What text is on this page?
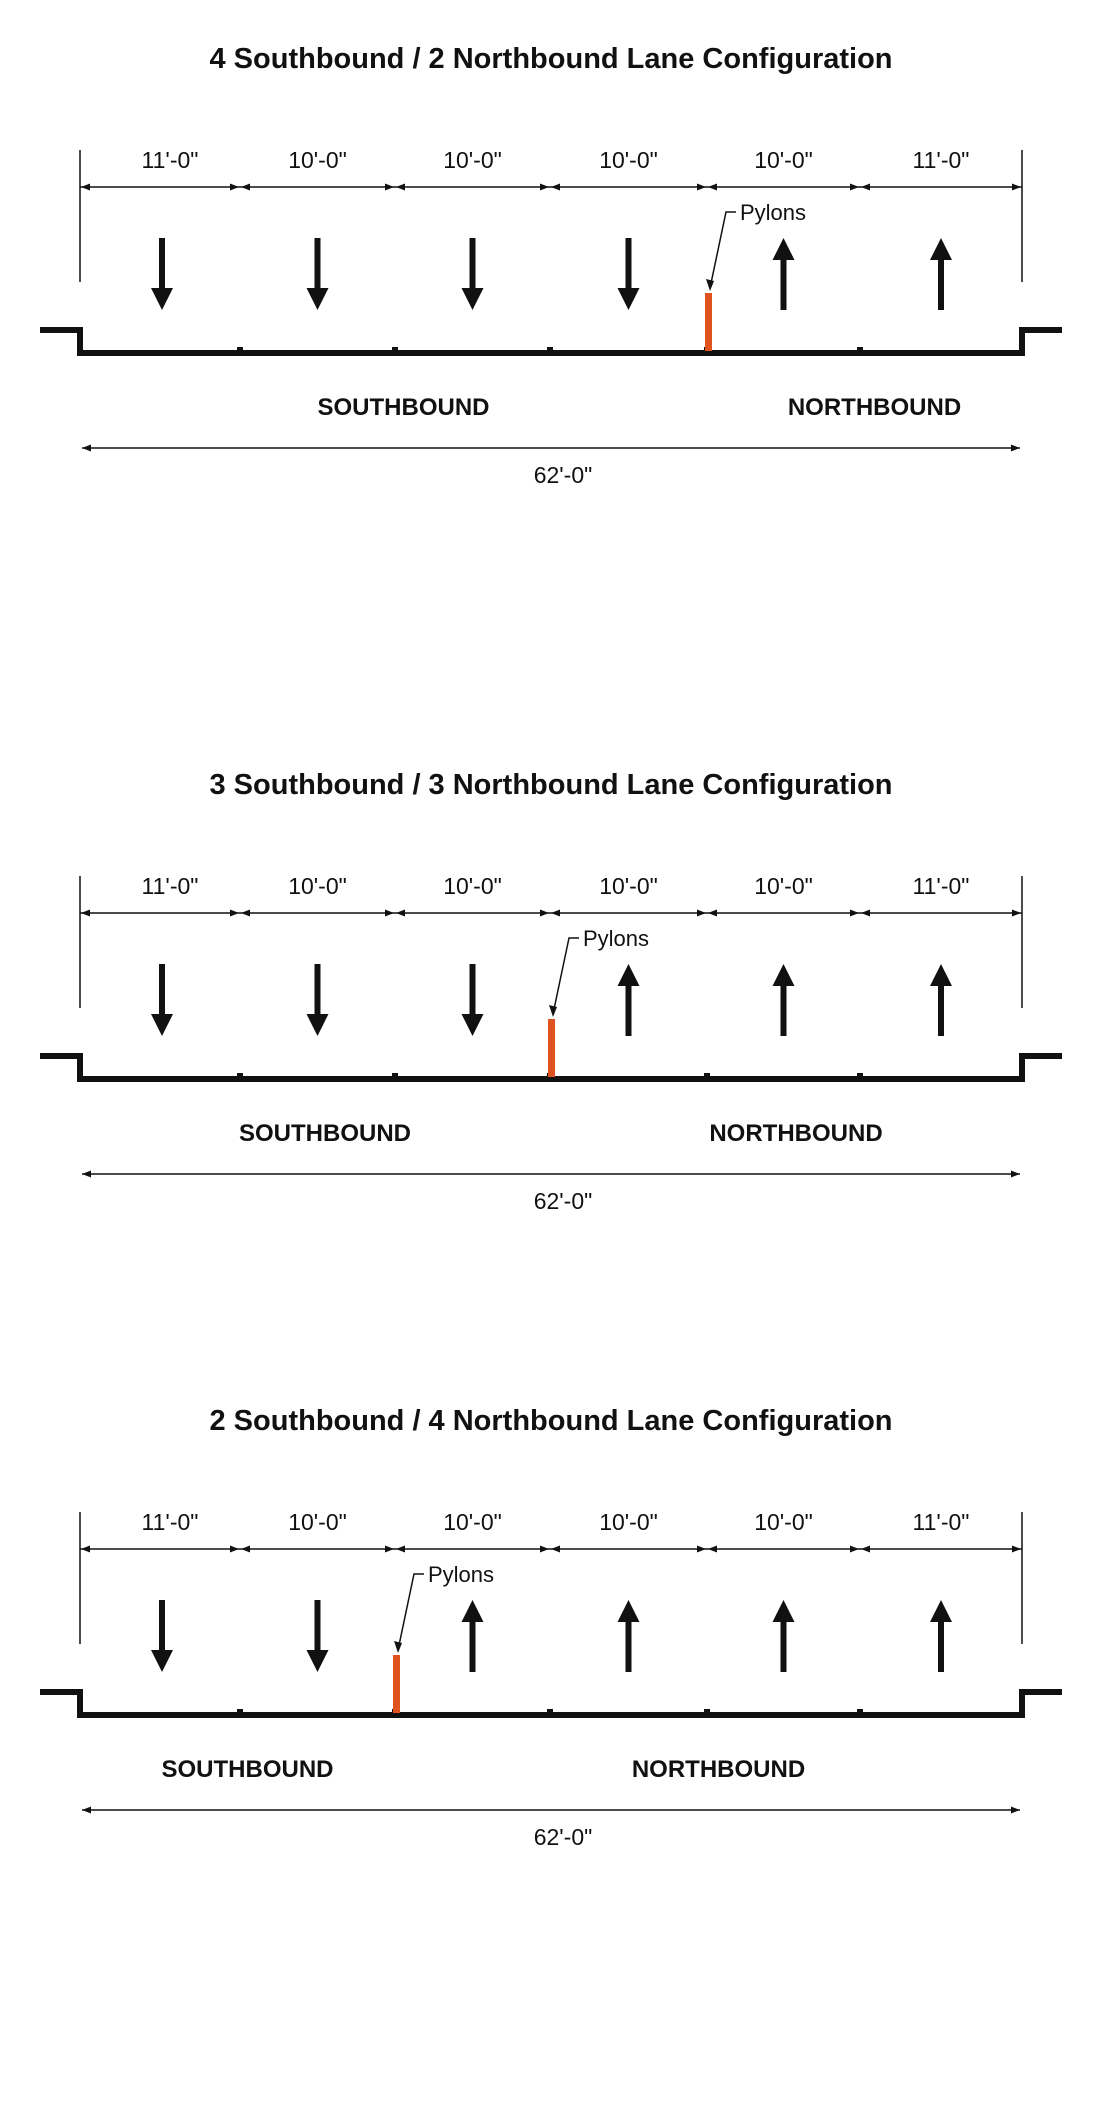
4 Southbound / 2 Northbound Lane Configuration
11'-0"	10'-0"	10'-0"	10'-0"	10'-0"	11'-0"
Pylons
SOUTHBOUND	NORTHBOUND
62'-0"
3 Southbound / 3 Northbound Lane Configuration
11'-0"	10'-0"	10'-0"	10'-0"	10'-0"	11'-0"
Pylons
SOUTHBOUND	NORTHBOUND
62'-0"
2 Southbound / 4 Northbound Lane Configuration
11'-0"	10'-0"	10'-0"	10'-0"	10'-0"	11'-0"
Pylons
SOUTHBOUND	NORTHBOUND
62'-0"
